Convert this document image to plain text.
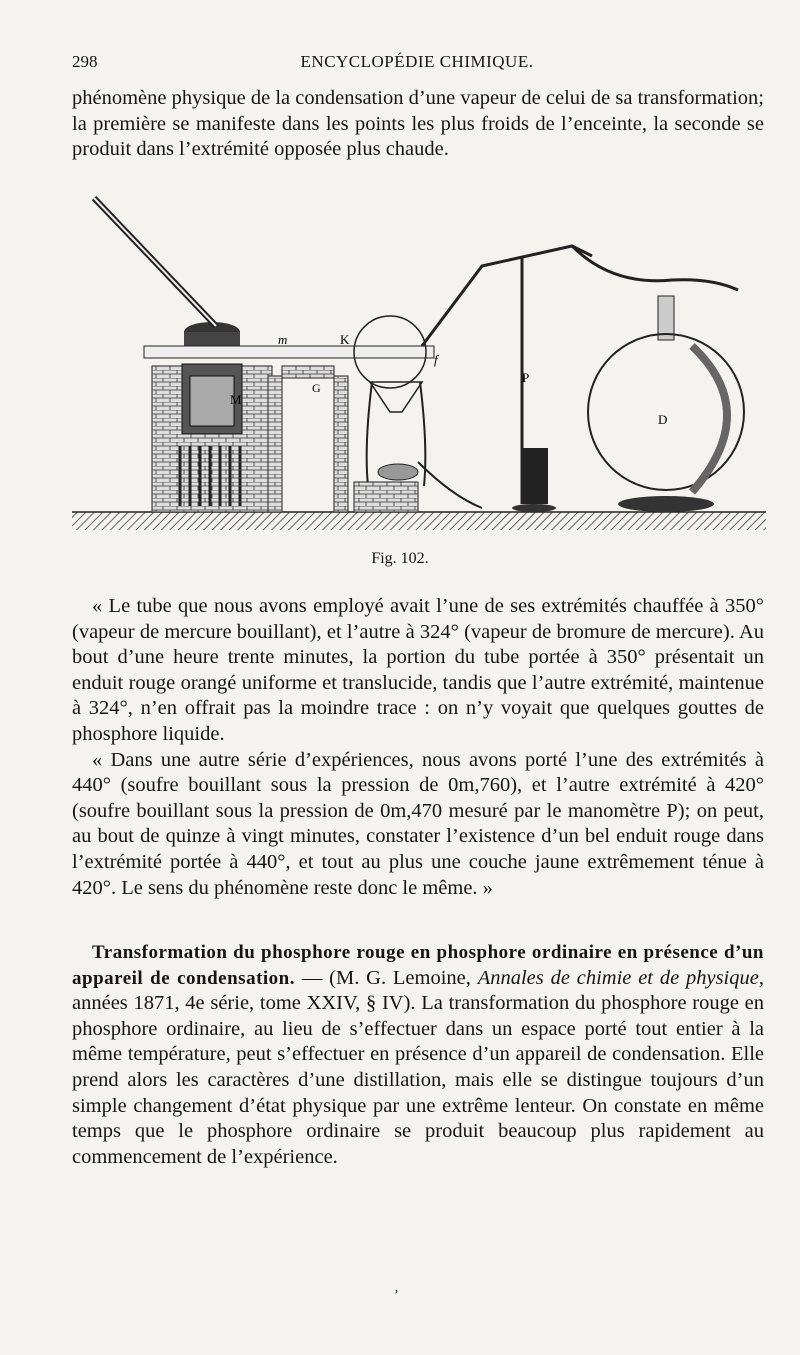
298	ENCYCLOPÉDIE CHIMIQUE.

phénomène physique de la condensation d’une vapeur de celui de sa transformation; la première se manifeste dans les points les plus froids de l’enceinte, la seconde se produit dans l’extrémité opposée plus chaude.

m	K
f
G
M
P
D
Fig. 102.

« Le tube que nous avons employé avait l’une de ses extrémités chauffée à 350° (vapeur de mercure bouillant), et l’autre à 324° (vapeur de bromure de mercure). Au bout d’une heure trente minutes, la portion du tube portée à 350° présentait un enduit rouge orangé uniforme et translucide, tandis que l’autre extrémité, maintenue à 324°, n’en offrait pas la moindre trace : on n’y voyait que quelques gouttes de phosphore liquide.

« Dans une autre série d’expériences, nous avons porté l’une des extrémités à 440° (soufre bouillant sous la pression de 0m,760), et l’autre extrémité à 420° (soufre bouillant sous la pression de 0m,470 mesuré par le manomètre P); on peut, au bout de quinze à vingt minutes, constater l’existence d’un bel enduit rouge dans l’extrémité portée à 440°, et tout au plus une couche jaune extrêmement ténue à 420°. Le sens du phénomène reste donc le même. »

Transformation du phosphore rouge en phosphore ordinaire en présence d’un appareil de condensation. — (M. G. Lemoine, Annales de chimie et de physique, années 1871, 4e série, tome XXIV, § IV). La transformation du phosphore rouge en phosphore ordinaire, au lieu de s’effectuer dans un espace porté tout entier à la même température, peut s’effectuer en présence d’un appareil de condensation. Elle prend alors les caractères d’une distillation, mais elle se distingue toujours d’un simple changement d’état physique par une extrême lenteur. On constate en même temps que le phosphore ordinaire se produit beaucoup plus rapidement au commencement de l’expérience.

’
